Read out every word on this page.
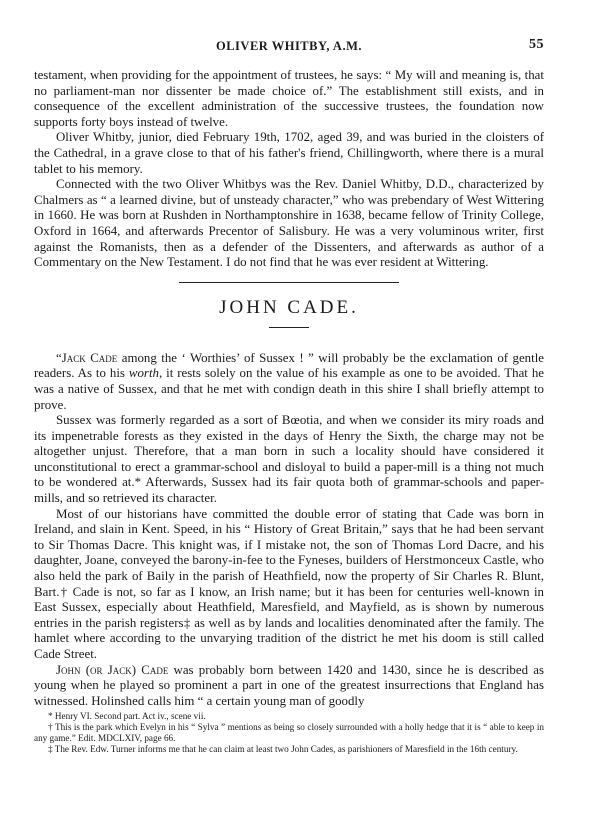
OLIVER WHITBY, A.M.	55

testament, when providing for the appointment of trustees, he says: “ My will and meaning is, that no parliament-man nor dissenter be made choice of.” The establishment still exists, and in consequence of the excellent administration of the successive trustees, the foundation now supports forty boys instead of twelve.

Oliver Whitby, junior, died February 19th, 1702, aged 39, and was buried in the cloisters of the Cathedral, in a grave close to that of his father's friend, Chillingworth, where there is a mural tablet to his memory.

Connected with the two Oliver Whitbys was the Rev. Daniel Whitby, D.D., characterized by Chalmers as “ a learned divine, but of unsteady character,” who was prebendary of West Wittering in 1660. He was born at Rushden in Northamptonshire in 1638, became fellow of Trinity College, Oxford in 1664, and afterwards Precentor of Salisbury. He was a very voluminous writer, first against the Romanists, then as a defender of the Dissenters, and afterwards as author of a Commentary on the New Testament. I do not find that he was ever resident at Wittering.

JOHN CADE.

“Jack Cade among the ‘ Worthies’ of Sussex ! ” will probably be the exclamation of gentle readers. As to his worth, it rests solely on the value of his example as one to be avoided. That he was a native of Sussex, and that he met with condign death in this shire I shall briefly attempt to prove.

Sussex was formerly regarded as a sort of Bœotia, and when we consider its miry roads and its impenetrable forests as they existed in the days of Henry the Sixth, the charge may not be altogether unjust. Therefore, that a man born in such a locality should have considered it unconstitutional to erect a grammar-school and disloyal to build a paper-mill is a thing not much to be wondered at.* Afterwards, Sussex had its fair quota both of grammar-schools and paper-mills, and so retrieved its character.

Most of our historians have committed the double error of stating that Cade was born in Ireland, and slain in Kent. Speed, in his “ History of Great Britain,” says that he had been servant to Sir Thomas Dacre. This knight was, if I mistake not, the son of Thomas Lord Dacre, and his daughter, Joane, conveyed the barony-in-fee to the Fyneses, builders of Herstmonceux Castle, who also held the park of Baily in the parish of Heathfield, now the property of Sir Charles R. Blunt, Bart.† Cade is not, so far as I know, an Irish name; but it has been for centuries well-known in East Sussex, especially about Heathfield, Maresfield, and Mayfield, as is shown by numerous entries in the parish registers‡ as well as by lands and localities denominated after the family. The hamlet where according to the unvarying tradition of the district he met his doom is still called Cade Street.

John (or Jack) Cade was probably born between 1420 and 1430, since he is described as young when he played so prominent a part in one of the greatest insurrections that England has witnessed. Holinshed calls him “ a certain young man of goodly

* Henry VI. Second part. Act iv., scene vii.

† This is the park which Evelyn in his “ Sylva ” mentions as being so closely surrounded with a holly hedge that it is “ able to keep in any game.” Edit. MDCLXIV, page 66.

‡ The Rev. Edw. Turner informs me that he can claim at least two John Cades, as parishioners of Maresfield in the 16th century.
